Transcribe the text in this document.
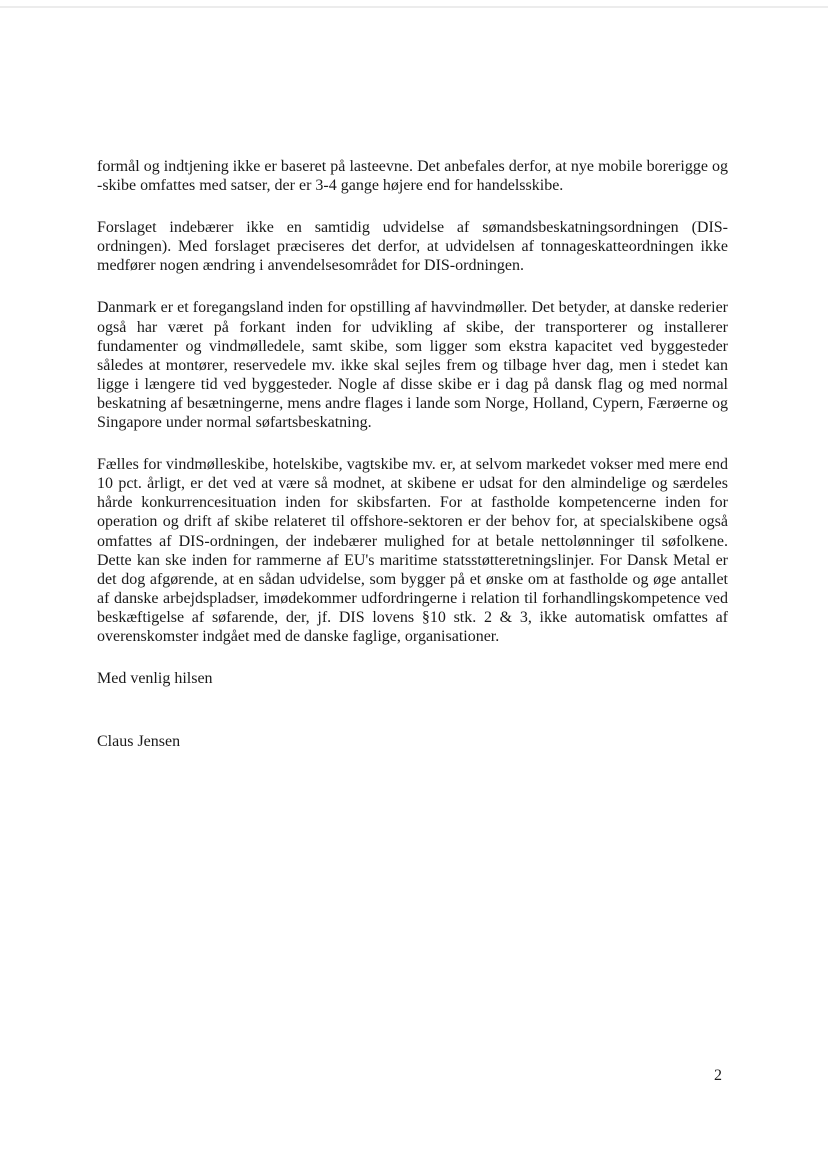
formål og indtjening ikke er baseret på lasteevne. Det anbefales derfor, at nye mobile borerigge og -skibe omfattes med satser, der er 3-4 gange højere end for handelsskibe.

Forslaget indebærer ikke en samtidig udvidelse af sømandsbeskatningsordningen (DIS-ordningen). Med forslaget præciseres det derfor, at udvidelsen af tonnageskatteordningen ikke medfører nogen ændring i anvendelsesområdet for DIS-ordningen.

Danmark er et foregangsland inden for opstilling af havvindmøller. Det betyder, at danske rederier også har været på forkant inden for udvikling af skibe, der transporterer og installerer fundamenter og vindmølledele, samt skibe, som ligger som ekstra kapacitet ved byggesteder således at montører, reservedele mv. ikke skal sejles frem og tilbage hver dag, men i stedet kan ligge i længere tid ved byggesteder. Nogle af disse skibe er i dag på dansk flag og med normal beskatning af besætningerne, mens andre flages i lande som Norge, Holland, Cypern, Færøerne og Singapore under normal søfartsbeskatning.

Fælles for vindmølleskibe, hotelskibe, vagtskibe mv. er, at selvom markedet vokser med mere end 10 pct. årligt, er det ved at være så modnet, at skibene er udsat for den almindelige og særdeles hårde konkurrencesituation inden for skibsfarten. For at fastholde kompetencerne inden for operation og drift af skibe relateret til offshore-sektoren er der behov for, at specialskibene også omfattes af DIS-ordningen, der indebærer mulighed for at betale nettolønninger til søfolkene. Dette kan ske inden for rammerne af EU's maritime statsstøtteretningslinjer. For Dansk Metal er det dog afgørende, at en sådan udvidelse, som bygger på et ønske om at fastholde og øge antallet af danske arbejdspladser, imødekommer udfordringerne i relation til forhandlingskompetence ved beskæftigelse af søfarende, der, jf. DIS lovens §10 stk. 2 & 3, ikke automatisk omfattes af overenskomster indgået med de danske faglige, organisationer.

Med venlig hilsen

Claus Jensen

2
